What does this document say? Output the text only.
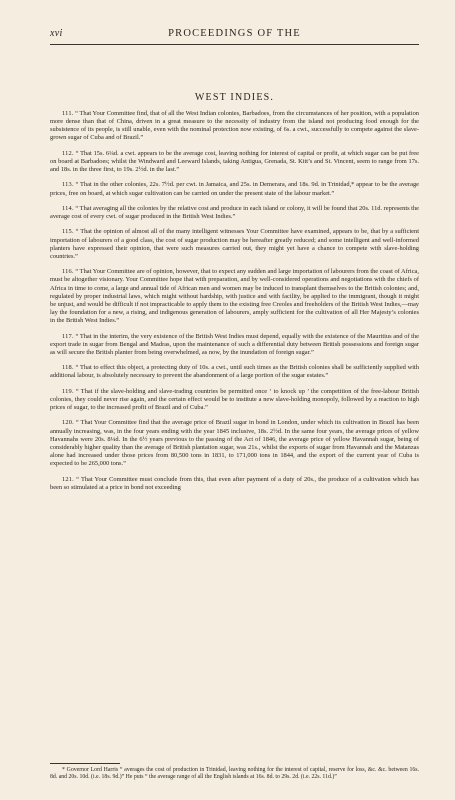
xvi	PROCEEDINGS OF THE
WEST INDIES.

111. “ That Your Committee find, that of all the West Indian colonies, Barbadoes, from the circumstances of her position, with a population more dense than that of China, driven in a great measure to the necessity of industry from the island not producing food enough for the subsistence of its people, is still unable, even with the nominal protection now existing, of 6s. a cwt., successfully to compete against the slave-grown sugar of Cuba and of Brazil.”

112. “ That 15s. 6¼d. a cwt. appears to be the average cost, leaving nothing for interest of capital or profit, at which sugar can be put free on board at Barbadoes; whilst the Windward and Leeward Islands, taking Antigua, Grenada, St. Kitt’s and St. Vincent, seem to range from 17s. and 18s. in the three first, to 19s. 2½d. in the last.”

113. “ That in the other colonies, 22s. 7½d. per cwt. in Jamaica, and 25s. in Demerara, and 18s. 9d. in Trinidad,* appear to be the average prices, free on board, at which sugar cultivation can be carried on under the present state of the labour market.”

114. “ That averaging all the colonies by the relative cost and produce in each island or colony, it will be found that 20s. 11d. represents the average cost of every cwt. of sugar produced in the British West Indies.”

115. “ That the opinion of almost all of the many intelligent witnesses Your Committee have examined, appears to be, that by a sufficient importation of labourers of a good class, the cost of sugar production may be hereafter greatly reduced; and some intelligent and well-informed planters have expressed their opinion, that were such measures carried out, they might yet have a chance to compete with slave-holding countries.”

116. “ That Your Committee are of opinion, however, that to expect any sudden and large importation of labourers from the coast of Africa, must be altogether visionary. Your Committee hope that with preparation, and by well-considered operations and negotiations with the chiefs of Africa in time to come, a large and annual tide of African men and women may be induced to transplant themselves to the British colonies; and, regulated by proper industrial laws, which might without hardship, with justice and with facility, be applied to the immigrant, though it might be unjust, and would be difficult if not impracticable to apply them to the existing free Creoles and freeholders of the British West Indies,—may lay the foundation for a new, a rising, and indigenous generation of labourers, amply sufficient for the cultivation of all Her Majesty’s colonies in the British West Indies.”

117. “ That in the interim, the very existence of the British West Indies must depend, equally with the existence of the Mauritius and of the export trade in sugar from Bengal and Madras, upon the maintenance of such a differential duty between British possessions and foreign sugar as will secure the British planter from being overwhelmed, as now, by the inundation of foreign sugar.”

118. “ That to effect this object, a protecting duty of 10s. a cwt., until such times as the British colonies shall be sufficiently supplied with additional labour, is absolutely necessary to prevent the abandonment of a large portion of the sugar estates.”

119. “ That if the slave-holding and slave-trading countries be permitted once ‘ to knock up ’ the competition of the free-labour British colonies, they could never rise again, and the certain effect would be to institute a new slave-holding monopoly, followed by a reaction to high prices of sugar, to the increased profit of Brazil and of Cuba.”

120. “ That Your Committee find that the average price of Brazil sugar in bond in London, under which its cultivation in Brazil has been annually increasing, was, in the four years ending with the year 1845 inclusive, 18s. 2½d. In the same four years, the average prices of yellow Havannahs were 20s. 8¼d. In the 6½ years previous to the passing of the Act of 1846, the average price of yellow Havannah sugar, being of considerably higher quality than the average of British plantation sugar, was 21s., whilst the exports of sugar from Havannah and the Matanzas alone had increased under those prices from 80,500 tons in 1831, to 171,000 tons in 1844, and the export of the current year of Cuba is expected to be 265,000 tons.”

121. “ That Your Committee must conclude from this, that even after payment of a duty of 20s., the produce of a cultivation which has been so stimulated at a price in bond not exceeding

* Governor Lord Harris “ averages the cost of production in Trinidad, leaving nothing for the interest of capital, reserve for loss, &c. &c. between 16s. 8d. and 20s. 10d. (i.e. 18s. 9d.)” He puts “ the average range of all the English islands at 16s. 8d. to 29s. 2d. (i.e. 22s. 11d.)”
